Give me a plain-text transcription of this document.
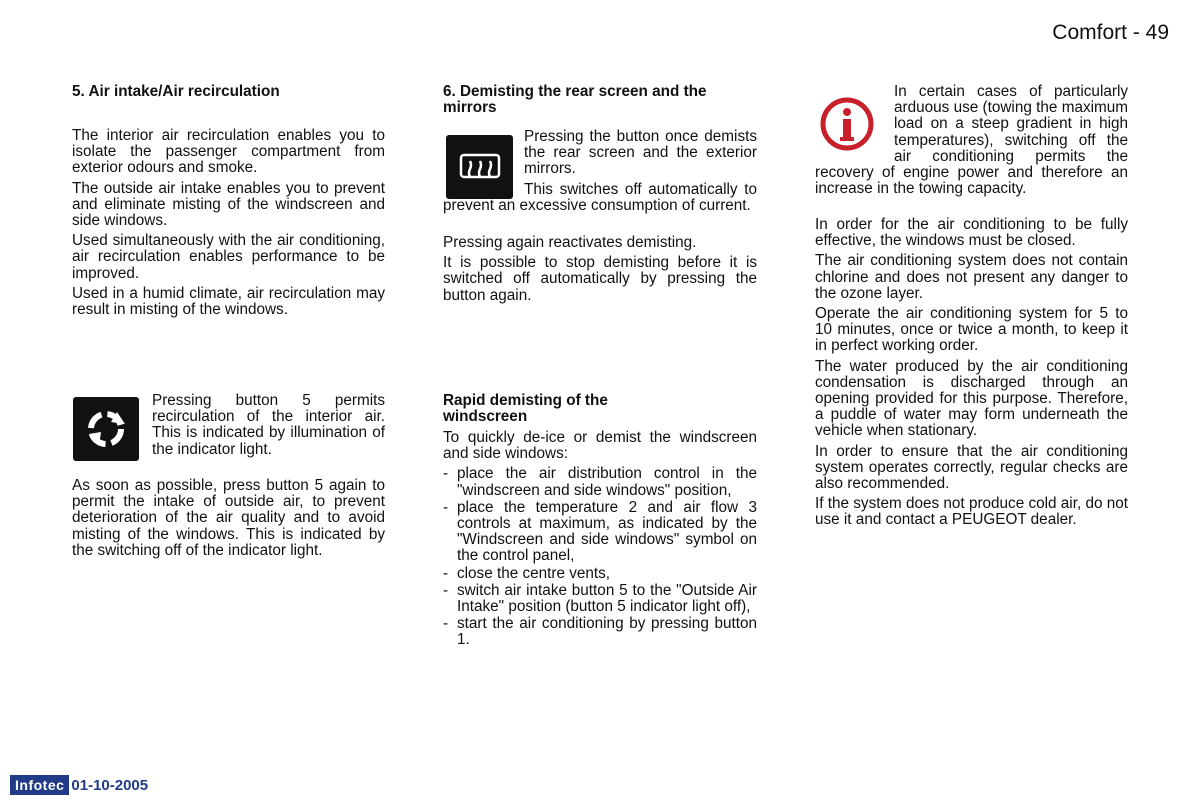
Comfort - 49
5. Air intake/Air recirculation

The interior air recirculation enables you to isolate the passenger compartment from exterior odours and smoke.

The outside air intake enables you to prevent and eliminate misting of the windscreen and side windows.

Used simultaneously with the air conditioning, air recirculation enables performance to be improved.

Used in a humid climate, air recirculation may result in misting of the windows.

Pressing button 5 permits recirculation of the interior air. This is indicated by illumination of the indicator light.

As soon as possible, press button 5 again to permit the intake of outside air, to prevent deterioration of the air quality and to avoid misting of the windows. This is indicated by the switching off of the indicator light.

6. Demisting the rear screen and the mirrors

Pressing the button once demists the rear screen and the exterior mirrors.

This switches off automatically to prevent an excessive consumption of current.

Pressing again reactivates demisting.

It is possible to stop demisting before it is switched off automatically by pressing the button again.

Rapid demisting of the windscreen

To quickly de-ice or demist the windscreen and side windows:

- place the air distribution control in the "windscreen and side windows" position,
- place the temperature 2 and air flow 3 controls at maximum, as indicated by the "Windscreen and side windows" symbol on the control panel,
- close the centre vents,
- switch air intake button 5 to the "Outside Air Intake" position (button 5 indicator light off),
- start the air conditioning by pressing button 1.

In certain cases of particularly arduous use (towing the maximum load on a steep gradient in high temperatures), switching off the air conditioning permits the recovery of engine power and therefore an increase in the towing capacity.

In order for the air conditioning to be fully effective, the windows must be closed.

The air conditioning system does not contain chlorine and does not present any danger to the ozone layer.

Operate the air conditioning system for 5 to 10 minutes, once or twice a month, to keep it in perfect working order.

The water produced by the air conditioning condensation is discharged through an opening provided for this purpose. Therefore, a puddle of water may form underneath the vehicle when stationary.

In order to ensure that the air conditioning system operates correctly, regular checks are also recommended.

If the system does not produce cold air, do not use it and contact a PEUGEOT dealer.

Infotec 01-10-2005
